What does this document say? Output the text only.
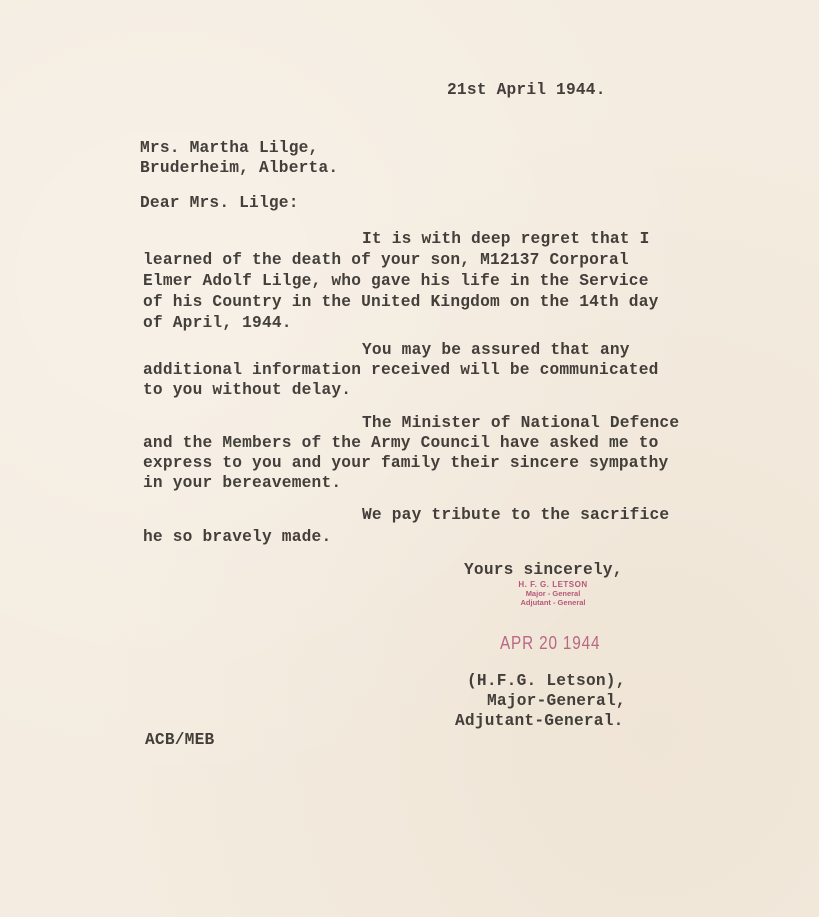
21st April 1944.
Mrs. Martha Lilge,
Bruderheim, Alberta.
Dear Mrs. Lilge:
It is with deep regret that I
learned of the death of your son, M12137 Corporal
Elmer Adolf Lilge, who gave his life in the Service
of his Country in the United Kingdom on the 14th day
of April, 1944.
You may be assured that any
additional information received will be communicated
to you without delay.
The Minister of National Defence
and the Members of the Army Council have asked me to
express to you and your family their sincere sympathy
in your bereavement.
We pay tribute to the sacrifice
he so bravely made.
Yours sincerely,
H. F. G. LETSON
Major - General
Adjutant - General
APR 20 1944
(H.F.G. Letson),
Major-General,
Adjutant-General.
ACB/MEB
